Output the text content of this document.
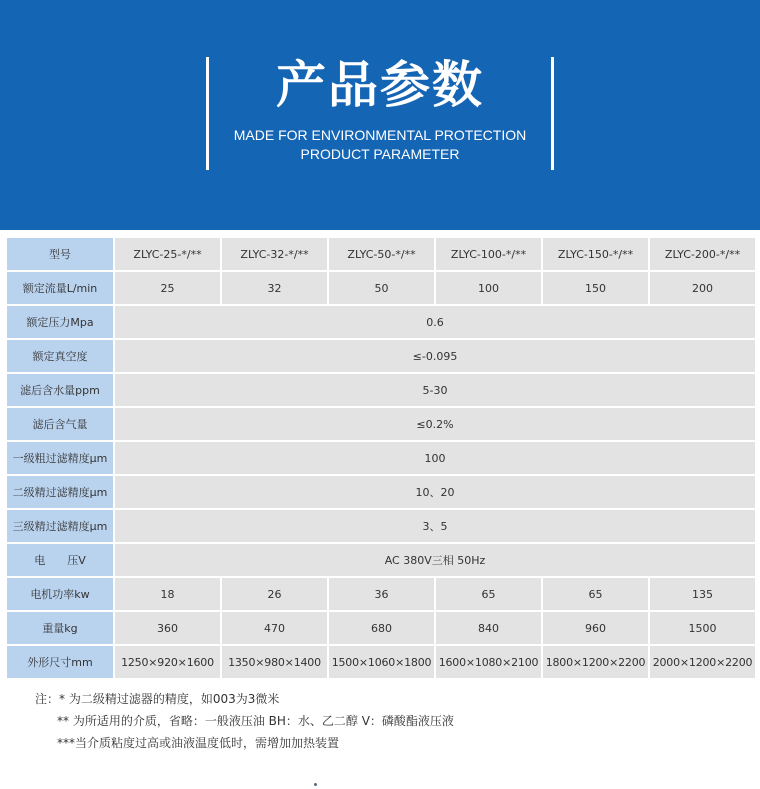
产品参数
MADE FOR ENVIRONMENTAL PROTECTION
PRODUCT PARAMETER
型号	ZLYC-25-*/**	ZLYC-32-*/**	ZLYC-50-*/**	ZLYC-100-*/**	ZLYC-150-*/**	ZLYC-200-*/**
额定流量L/min	25	32	50	100	150	200
额定压力Mpa	0.6					
额定真空度	≤-0.095					
滤后含水量ppm	5-30					
滤后含气量	≤0.2%					
一级粗过滤精度μm	100					
二级精过滤精度μm	10、20					
三级精过滤精度μm	3、5					
电　　压V	AC 380V三相 50Hz					
电机功率kw	18	26	36	65	65	135
重量kg	360	470	680	840	960	1500
外形尺寸mm	1250×920×1600	1350×980×1400	1500×1060×1800	1600×1080×2100	1800×1200×2200	2000×1200×2200
注：* 为二级精过滤器的精度，如003为3微米
** 为所适用的介质，省略：一般液压油 BH：水、乙二醇 V：磷酸酯液压液
***当介质粘度过高或油液温度低时，需增加加热装置
